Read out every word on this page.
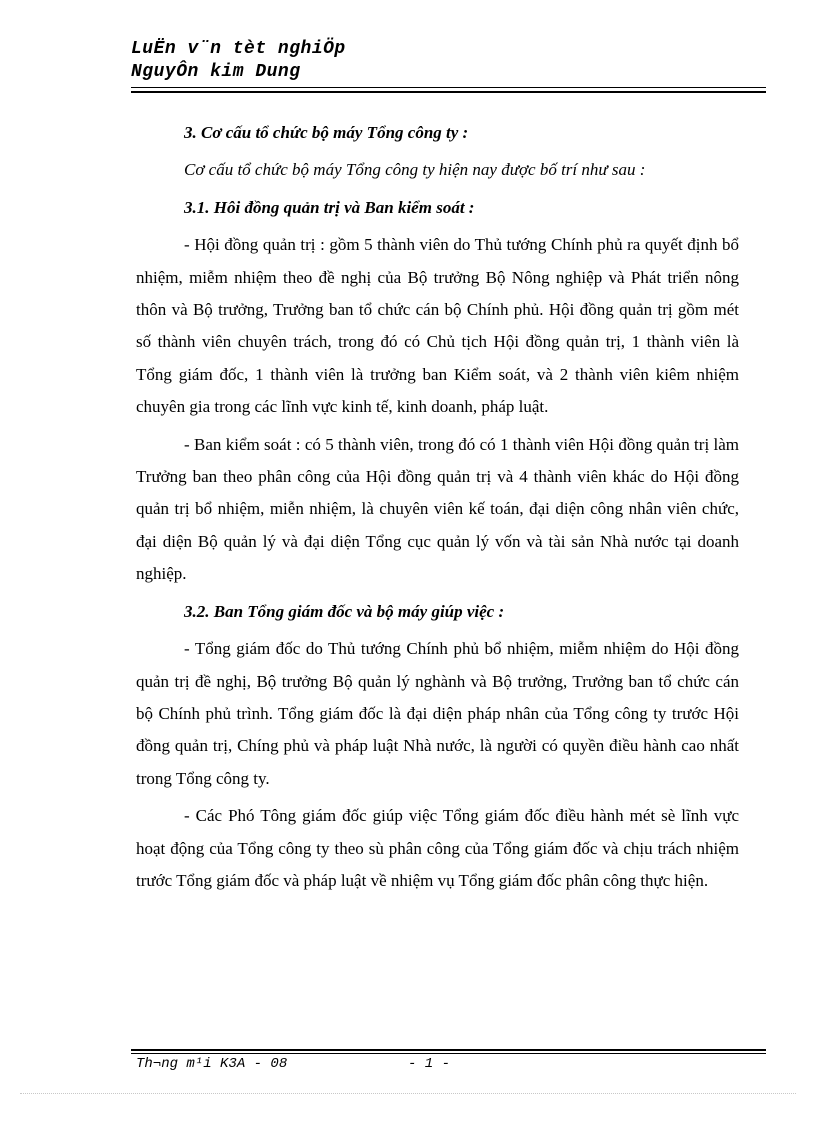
LuËn v¨n tèt nghiÖp
NguyÔn kim Dung

3. Cơ cấu tổ chức bộ máy Tổng công ty :

Cơ cấu tổ chức bộ máy Tổng công ty hiện nay được bố trí như sau :

3.1. Hôi đồng quản trị và Ban kiểm soát :

- Hội đồng quản trị : gồm 5 thành viên do Thủ tướng Chính phủ ra quyết định bổ nhiệm, miễm nhiệm theo đề nghị của Bộ trưởng Bộ Nông nghiệp và Phát triển nông thôn và Bộ trưởng, Trưởng ban tổ chức cán bộ Chính phủ. Hội đồng quản trị gồm mét số thành viên chuyên trách, trong đó có Chủ tịch Hội đồng quản trị, 1 thành viên là Tổng giám đốc, 1 thành viên là trưởng ban Kiểm soát, và 2 thành viên kiêm nhiệm chuyên gia trong các lĩnh vực kinh tế, kinh doanh, pháp luật.

- Ban kiểm soát : có 5 thành viên, trong đó có 1 thành viên Hội đồng quản trị làm Trưởng ban theo phân công của Hội đồng quản trị và 4 thành viên khác do Hội đồng quản trị bổ nhiệm, miễn nhiệm, là chuyên viên kế toán, đại diện công nhân viên chức, đại diện Bộ quản lý và đại diện Tổng cục quản lý vốn và tài sản Nhà nước tại doanh nghiệp.

3.2. Ban Tổng giám đốc và bộ máy giúp việc :

- Tổng giám đốc do Thủ tướng Chính phủ bổ nhiệm, miễm nhiệm do Hội đồng quản trị đề nghị, Bộ trưởng Bộ quản lý nghành và Bộ trưởng, Trưởng ban tổ chức cán bộ Chính phủ trình. Tổng giám đốc là đại diện pháp nhân của Tổng công ty trước Hội đồng quản trị, Chíng phủ và pháp luật Nhà nước, là người có quyền điều hành cao nhất trong Tổng công ty.

- Các Phó Tông giám đốc giúp việc Tổng giám đốc điều hành mét sè lĩnh vực hoạt động của Tổng công ty theo sù phân công của Tổng giám đốc và chịu trách nhiệm trước Tổng giám đốc và pháp luật về nhiệm vụ Tổng giám đốc phân công thực hiện.

Th¬ng m¹i K3A - 08

	- 1 -
